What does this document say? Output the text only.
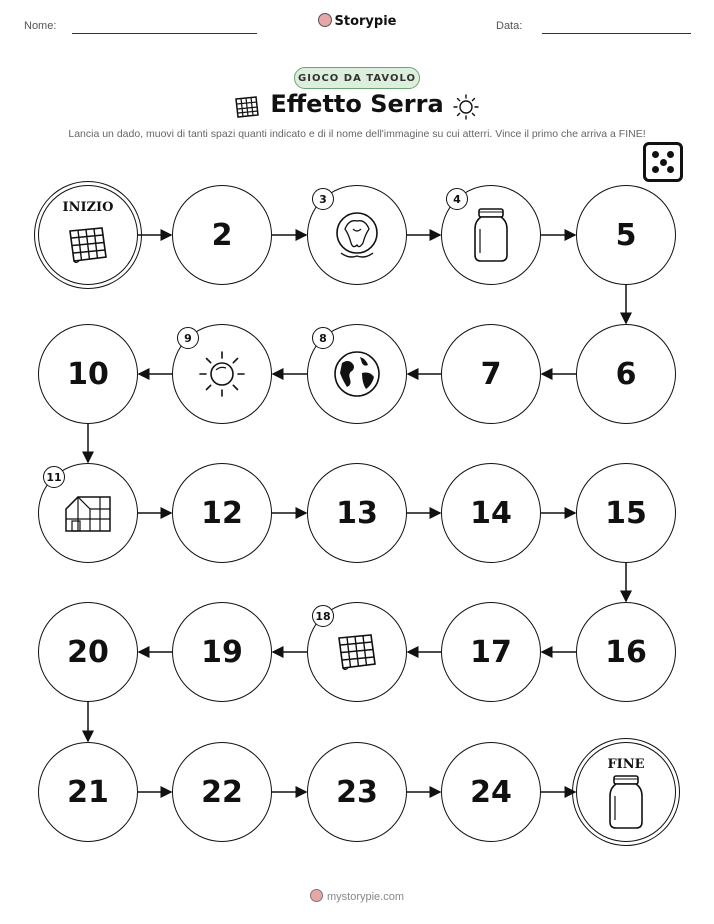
Nome:	Storypie	Data:
GIOCO DA TAVOLO
Effetto Serra
Lancia un dado, muovi di tanti spazi quanti indicato e di il nome dell'immagine su cui atterri. Vince il primo che arriva a FINE!
INIZIO
2
3	4
5
6
7
8
9
10
11
12	13	14	15
16
17
18
19
20
21	22	23	24
FINE
mystorypie.com
